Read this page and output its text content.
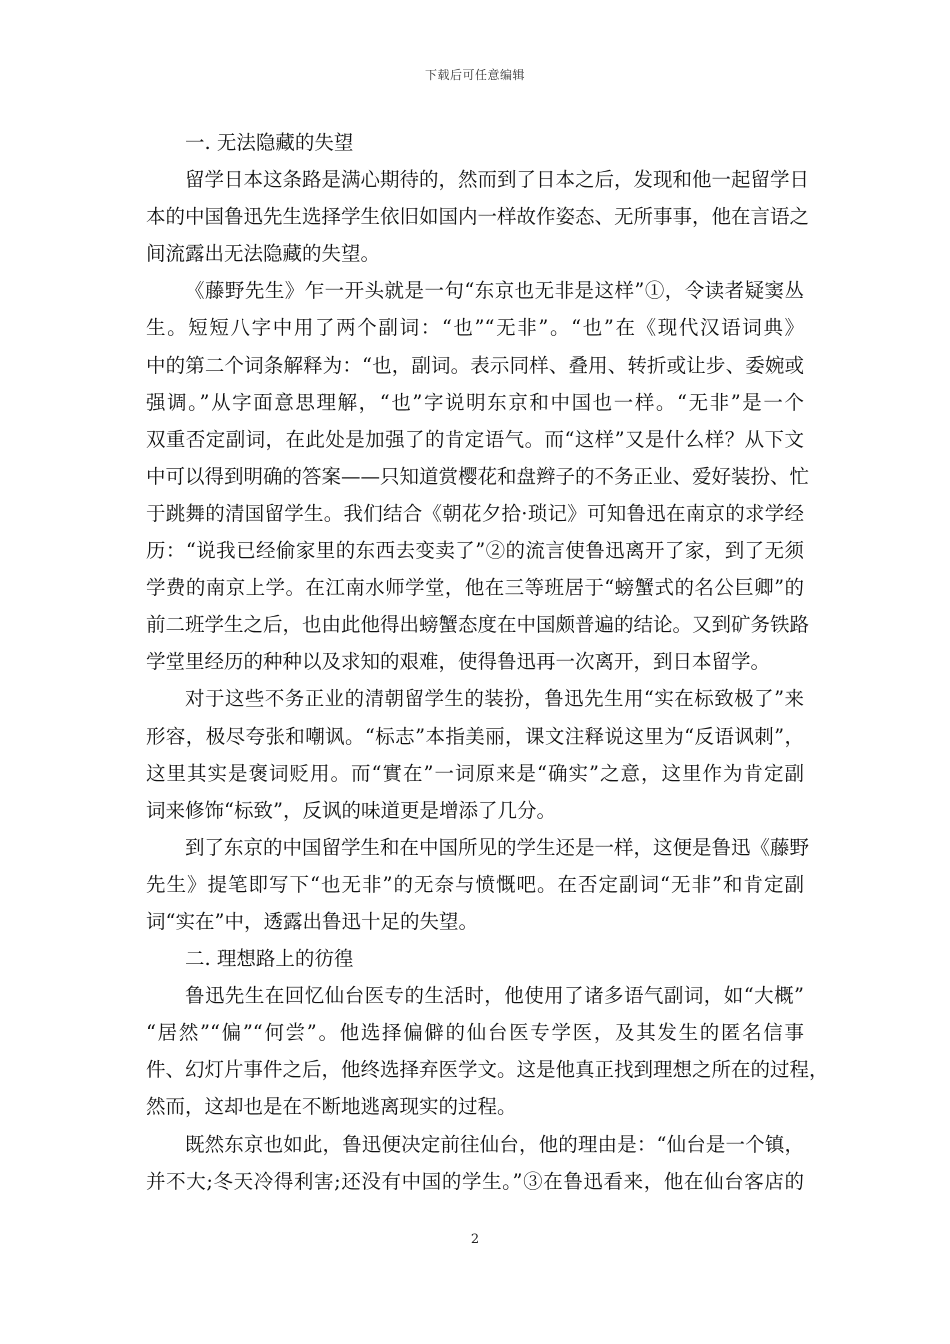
下载后可任意编辑
一. 无法隐藏的失望
留学日本这条路是满心期待的，然而到了日本之后，发现和他一起留学日
本的中国鲁迅先生选择学生依旧如国内一样故作姿态、无所事事，他在言语之
间流露出无法隐藏的失望。
《藤野先生》乍一开头就是一句“东京也无非是这样”①，令读者疑窦丛
生。短短八字中用了两个副词：“也”“无非”。“也”在《现代汉语词典》
中的第二个词条解释为：“也，副词。表示同样、叠用、转折或让步、委婉或
强调。”从字面意思理解，“也”字说明东京和中国也一样。“无非”是一个
双重否定副词，在此处是加强了的肯定语气。而“这样”又是什么样？从下文
中可以得到明确的答案——只知道赏樱花和盘辫子的不务正业、爱好装扮、忙
于跳舞的清国留学生。我们结合《朝花夕拾·琐记》可知鲁迅在南京的求学经
历：“说我已经偷家里的东西去变卖了”②的流言使鲁迅离开了家，到了无须
学费的南京上学。在江南水师学堂，他在三等班居于“螃蟹式的名公巨卿”的
前二班学生之后，也由此他得出螃蟹态度在中国颇普遍的结论。又到矿务铁路
学堂里经历的种种以及求知的艰难，使得鲁迅再一次离开，到日本留学。
对于这些不务正业的清朝留学生的装扮，鲁迅先生用“实在标致极了”来
形容，极尽夸张和嘲讽。“标志”本指美丽，课文注释说这里为“反语讽刺”，
这里其实是褒词贬用。而“實在”一词原来是“确实”之意，这里作为肯定副
词来修饰“标致”，反讽的味道更是增添了几分。
到了东京的中国留学生和在中国所见的学生还是一样，这便是鲁迅《藤野
先生》提笔即写下“也无非”的无奈与愤慨吧。在否定副词“无非”和肯定副
词“实在”中，透露出鲁迅十足的失望。
二. 理想路上的彷徨
鲁迅先生在回忆仙台医专的生活时，他使用了诸多语气副词，如“大概”
“居然”“偏”“何尝”。他选择偏僻的仙台医专学医，及其发生的匿名信事
件、幻灯片事件之后，他终选择弃医学文。这是他真正找到理想之所在的过程，
然而，这却也是在不断地逃离现实的过程。
既然东京也如此，鲁迅便决定前往仙台，他的理由是：“仙台是一个镇，
并不大;冬天冷得利害;还没有中国的学生。”③在鲁迅看来，他在仙台客店的
2
